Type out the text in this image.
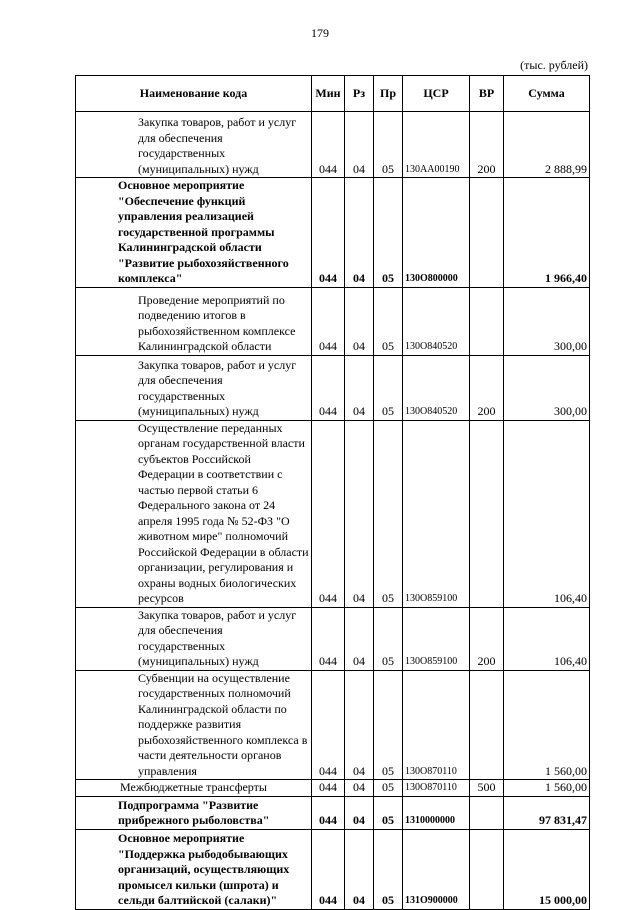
179
(тыс. рублей)
Наименование кода	Мин	Рз	Пр	ЦСР	ВР	Сумма

Закупка товаров, работ и услуг для обеспечения государственных (муниципальных) нужд	044	04	05	130AA00190	200	2 888,99

Основное мероприятие "Обеспечение функций управления реализацией государственной программы Калининградской области "Развитие рыбохозяйственного комплекса"	044	04	05	130O800000		1 966,40

Проведение мероприятий по подведению итогов в рыбохозяйственном комплексе Калининградской области	044	04	05	130O840520		300,00

Закупка товаров, работ и услуг для обеспечения государственных (муниципальных) нужд	044	04	05	130O840520	200	300,00

Осуществление переданных органам государственной власти субъектов Российской Федерации в соответствии с частью первой статьи 6 Федерального закона от 24 апреля 1995 года № 52-ФЗ "О животном мире" полномочий Российской Федерации в области организации, регулирования и охраны водных биологических ресурсов	044	04	05	130O859100		106,40

Закупка товаров, работ и услуг для обеспечения государственных (муниципальных) нужд	044	04	05	130O859100	200	106,40

Субвенции на осуществление государственных полномочий Калининградской области по поддержке развития рыбохозяйственного комплекса в части деятельности органов управления	044	04	05	130O870110		1 560,00
Межбюджетные трансферты	044	04	05	130O870110	500	1 560,00

Подпрограмма "Развитие прибрежного рыболовства"	044	04	05	1310000000		97 831,47

Основное мероприятие "Поддержка рыбодобывающих организаций, осуществляющих промысел кильки (шпрота) и сельди балтийской (салаки)"	044	04	05	131O900000		15 000,00
